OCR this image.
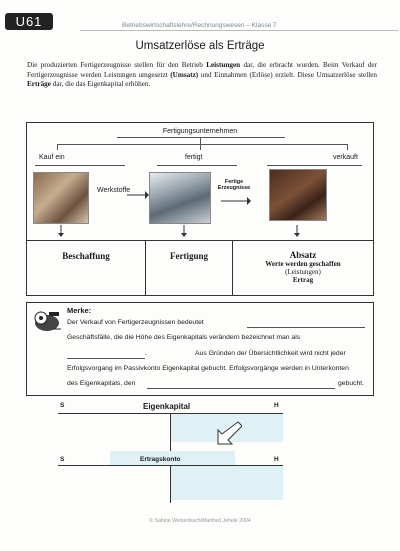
U61	Betriebswirtschaftslehre/Rechnungswesen – Klasse 7
Umsatzerlöse als Erträge
Die produzierten Fertigerzeugnisse stellen für den Betrieb Leistungen dar, die erbracht wurden. Beim Verkauf der Fertigerzeugnisse werden Leistungen umgesetzt (Umsatz) und Einnahmen (Erlöse) erzielt. Diese Umsatzerlöse stellen Erträge dar, die das Eigenkapital erhöhen.
Fertigungsunternehmen
Kauf ein	fertigt	verkauft
Werkstoffe
Fertige
Erzeugnisse
Beschaffung	Fertigung	Absatz
Werte werden geschaffen
(Leistungen)
Ertrag
Merke:
Der Verkauf von Fertigerzeugnissen bedeutet
Geschäftsfälle, die die Höhe des Eigenkapitals verändern bezeichnet man als
.	Aus Gründen der Übersichtlichkeit wird nicht jeder
Erfolgsvorgang im Passivkonto Eigenkapital gebucht. Erfolgsvorgänge werden in Unterkonten
des Eigenkapitals, den	gebucht.
S	Eigenkapital	H
S	Ertragskonto	H
© Sabine Welzenbach/Manfred Jehele 2004
